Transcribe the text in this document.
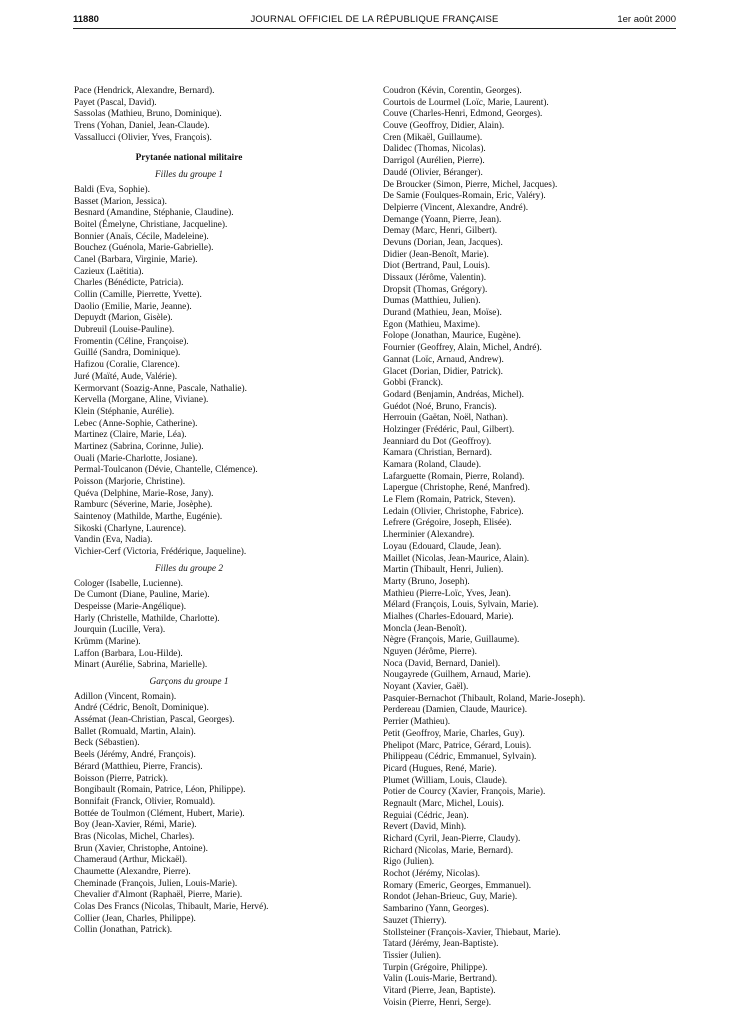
11880	JOURNAL OFFICIEL DE LA RÉPUBLIQUE FRANÇAISE	1er août 2000
Pace (Hendrick, Alexandre, Bernard).
Payet (Pascal, David).
Sassolas (Mathieu, Bruno, Dominique).
Trens (Yohan, Daniel, Jean-Claude).
Vassallucci (Olivier, Yves, François).
Prytanée national militaire
Filles du groupe 1
Baldi (Eva, Sophie).
Basset (Marion, Jessica).
Besnard (Amandine, Stéphanie, Claudine).
Boitel (Émelyne, Christiane, Jacqueline).
Bonnier (Anaïs, Cécile, Madeleine).
Bouchez (Guénola, Marie-Gabrielle).
Canel (Barbara, Virginie, Marie).
Cazieux (Laëtitia).
Charles (Bénédicte, Patricia).
Collin (Camille, Pierrette, Yvette).
Daolio (Emilie, Marie, Jeanne).
Depuydt (Marion, Gisèle).
Dubreuil (Louise-Pauline).
Fromentin (Céline, Françoise).
Guillé (Sandra, Dominique).
Hafizou (Coralie, Clarence).
Juré (Maïté, Aude, Valérie).
Kermorvant (Soazig-Anne, Pascale, Nathalie).
Kervella (Morgane, Aline, Viviane).
Klein (Stéphanie, Aurélie).
Lebec (Anne-Sophie, Catherine).
Martinez (Claire, Marie, Léa).
Martinez (Sabrina, Corinne, Julie).
Ouali (Marie-Charlotte, Josiane).
Permal-Toulcanon (Dévie, Chantelle, Clémence).
Poisson (Marjorie, Christine).
Quéva (Delphine, Marie-Rose, Jany).
Ramburc (Séverine, Marie, Josèphe).
Saintenoy (Mathilde, Marthe, Eugénie).
Sikoski (Charlyne, Laurence).
Vandin (Eva, Nadia).
Vichier-Cerf (Victoria, Frédérique, Jaqueline).
Filles du groupe 2
Cologer (Isabelle, Lucienne).
De Cumont (Diane, Pauline, Marie).
Despeisse (Marie-Angélique).
Harly (Christelle, Mathilde, Charlotte).
Jourquin (Lucille, Vera).
Krümm (Marine).
Laffon (Barbara, Lou-Hilde).
Minart (Aurélie, Sabrina, Marielle).
Garçons du groupe 1
Adillon (Vincent, Romain).
André (Cédric, Benoît, Dominique).
Assémat (Jean-Christian, Pascal, Georges).
Ballet (Romuald, Martin, Alain).
Beck (Sébastien).
Beels (Jérémy, André, François).
Bérard (Matthieu, Pierre, Francis).
Boisson (Pierre, Patrick).
Bongibault (Romain, Patrice, Léon, Philippe).
Bonnifait (Franck, Olivier, Romuald).
Bottée de Toulmon (Clément, Hubert, Marie).
Boy (Jean-Xavier, Rémi, Marie).
Bras (Nicolas, Michel, Charles).
Brun (Xavier, Christophe, Antoine).
Chameraud (Arthur, Mickaël).
Chaumette (Alexandre, Pierre).
Cheminade (François, Julien, Louis-Marie).
Chevalier d'Almont (Raphaël, Pierre, Marie).
Colas Des Francs (Nicolas, Thibault, Marie, Hervé).
Collier (Jean, Charles, Philippe).
Collin (Jonathan, Patrick).
Coudron (Kévin, Corentin, Georges).
Courtois de Lourmel (Loïc, Marie, Laurent).
Couve (Charles-Henri, Edmond, Georges).
Couve (Geoffroy, Didier, Alain).
Cren (Mikaël, Guillaume).
Dalidec (Thomas, Nicolas).
Darrigol (Aurélien, Pierre).
Daudé (Olivier, Béranger).
De Broucker (Simon, Pierre, Michel, Jacques).
De Samie (Foulques-Romain, Eric, Valéry).
Delpierre (Vincent, Alexandre, André).
Demange (Yoann, Pierre, Jean).
Demay (Marc, Henri, Gilbert).
Devuns (Dorian, Jean, Jacques).
Didier (Jean-Benoît, Marie).
Diot (Bertrand, Paul, Louis).
Dissaux (Jérôme, Valentin).
Dropsit (Thomas, Grégory).
Dumas (Matthieu, Julien).
Durand (Mathieu, Jean, Moïse).
Egon (Mathieu, Maxime).
Folope (Jonathan, Maurice, Eugène).
Fournier (Geoffrey, Alain, Michel, André).
Gannat (Loïc, Arnaud, Andrew).
Glacet (Dorian, Didier, Patrick).
Gobbi (Franck).
Godard (Benjamin, Andréas, Michel).
Guédot (Noé, Bruno, Francis).
Herrouin (Gaëtan, Noël, Nathan).
Holzinger (Frédéric, Paul, Gilbert).
Jeanniard du Dot (Geoffroy).
Kamara (Christian, Bernard).
Kamara (Roland, Claude).
Lafarguette (Romain, Pierre, Roland).
Lapergue (Christophe, René, Manfred).
Le Flem (Romain, Patrick, Steven).
Ledain (Olivier, Christophe, Fabrice).
Lefrere (Grégoire, Joseph, Elisée).
Lherminier (Alexandre).
Loyau (Edouard, Claude, Jean).
Maillet (Nicolas, Jean-Maurice, Alain).
Martin (Thibault, Henri, Julien).
Marty (Bruno, Joseph).
Mathieu (Pierre-Loïc, Yves, Jean).
Mélard (François, Louis, Sylvain, Marie).
Mialhes (Charles-Edouard, Marie).
Moncla (Jean-Benoît).
Nègre (François, Marie, Guillaume).
Nguyen (Jérôme, Pierre).
Noca (David, Bernard, Daniel).
Nougayrede (Guilhem, Arnaud, Marie).
Noyant (Xavier, Gaël).
Pasquier-Bernachot (Thibault, Roland, Marie-Joseph).
Perdereau (Damien, Claude, Maurice).
Perrier (Mathieu).
Petit (Geoffroy, Marie, Charles, Guy).
Phelipot (Marc, Patrice, Gérard, Louis).
Philippeau (Cédric, Emmanuel, Sylvain).
Picard (Hugues, René, Marie).
Plumet (William, Louis, Claude).
Potier de Courcy (Xavier, François, Marie).
Regnault (Marc, Michel, Louis).
Reguiai (Cédric, Jean).
Revert (David, Minh).
Richard (Cyril, Jean-Pierre, Claudy).
Richard (Nicolas, Marie, Bernard).
Rigo (Julien).
Rochot (Jérémy, Nicolas).
Romary (Emeric, Georges, Emmanuel).
Rondot (Jehan-Brieuc, Guy, Marie).
Sambarino (Yann, Georges).
Sauzet (Thierry).
Stollsteiner (François-Xavier, Thiebaut, Marie).
Tatard (Jérémy, Jean-Baptiste).
Tissier (Julien).
Turpin (Grégoire, Philippe).
Valin (Louis-Marie, Bertrand).
Vitard (Pierre, Jean, Baptiste).
Voisin (Pierre, Henri, Serge).
